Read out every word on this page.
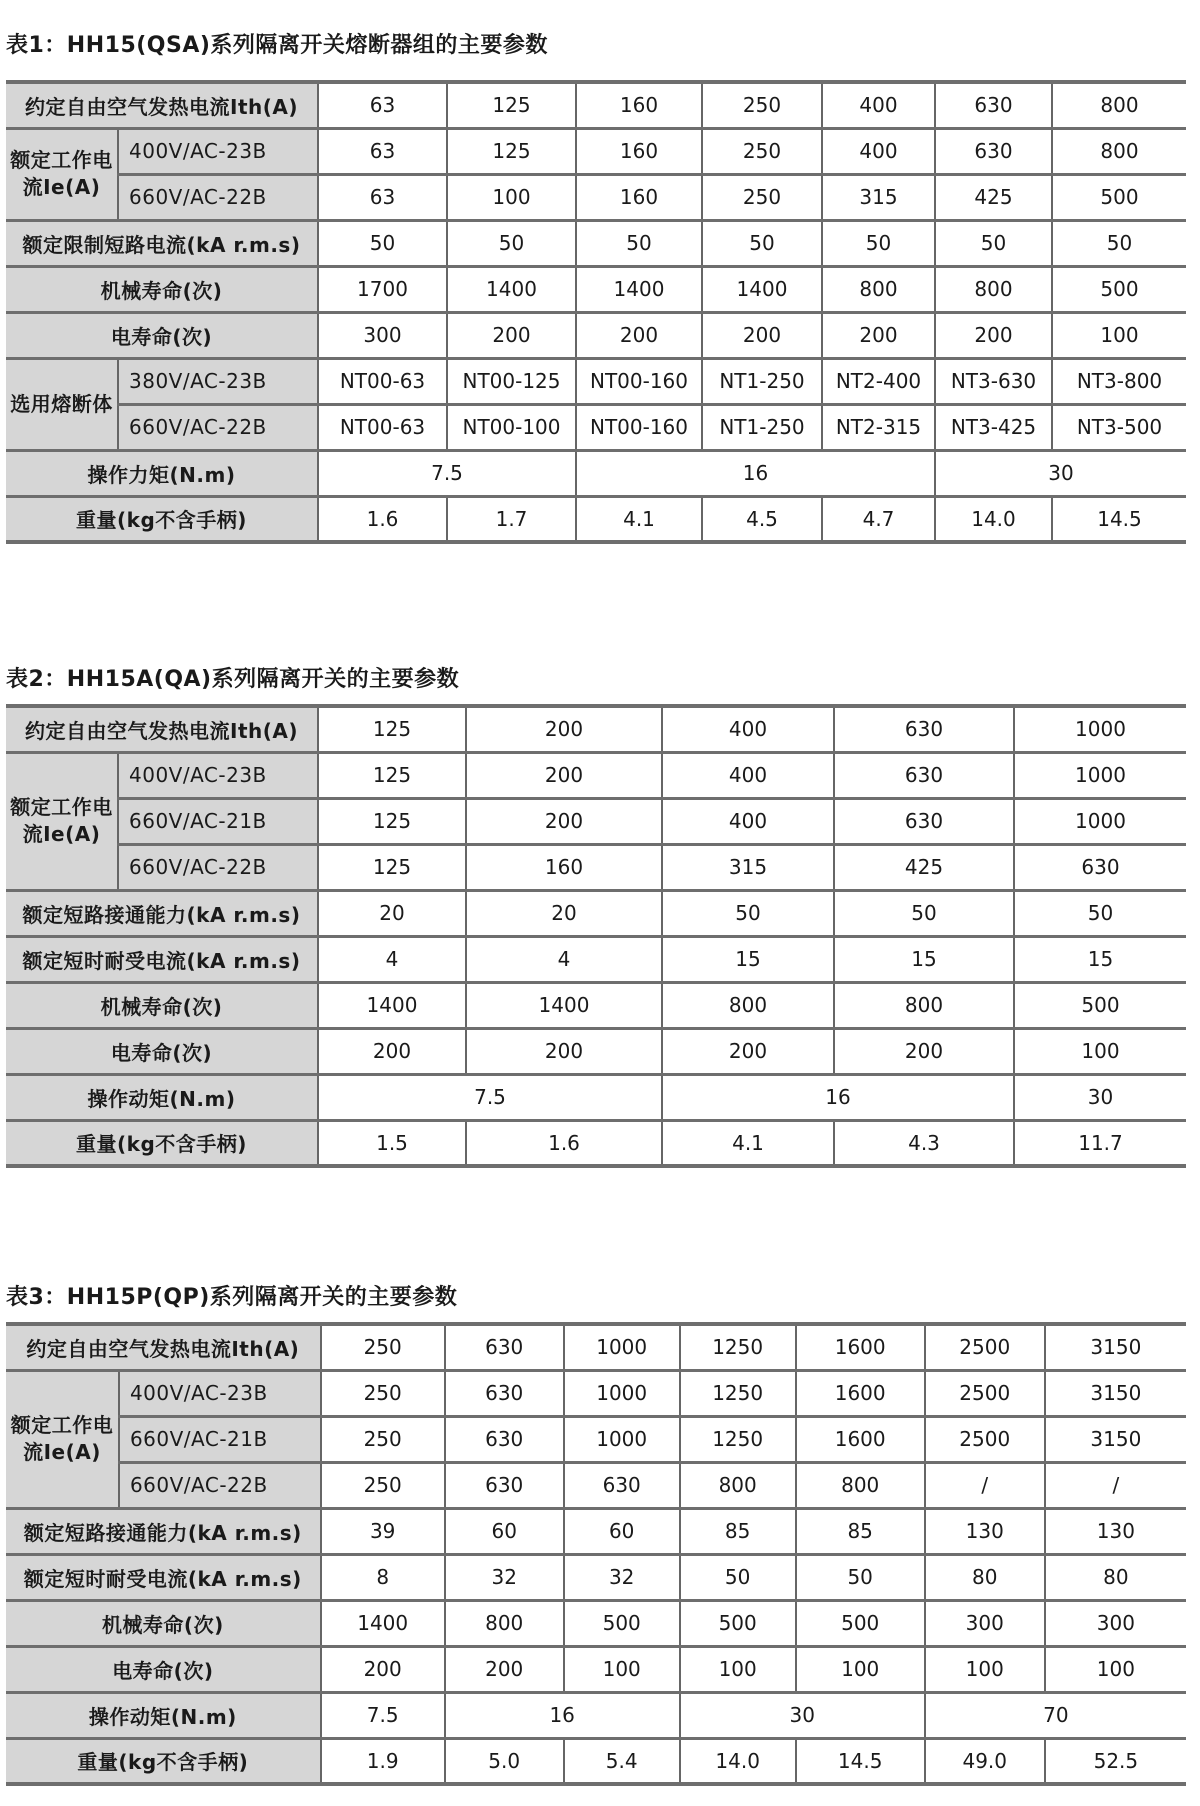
表1：HH15(QSA)系列隔离开关熔断器组的主要参数
约定自由空气发热电流Ith(A)		63	125	160	250	400	630	800
额定工作电流Ie(A)	400V/AC-23B	63	125	160	250	400	630	800
	660V/AC-22B	63	100	160	250	315	425	500
额定限制短路电流(kA r.m.s)		50	50	50	50	50	50	50
机械寿命(次)		1700	1400	1400	1400	800	800	500
电寿命(次)		300	200	200	200	200	200	100
选用熔断体	380V/AC-23B	NT00-63	NT00-125	NT00-160	NT1-250	NT2-400	NT3-630	NT3-800
	660V/AC-22B	NT00-63	NT00-100	NT00-160	NT1-250	NT2-315	NT3-425	NT3-500
操作力矩(N.m)		7.5		16			30	
重量(kg不含手柄)		1.6	1.7	4.1	4.5	4.7	14.0	14.5
表2：HH15A(QA)系列隔离开关的主要参数
约定自由空气发热电流Ith(A)		125	200	400	630	1000
额定工作电流Ie(A)	400V/AC-23B	125	200	400	630	1000
	660V/AC-21B	125	200	400	630	1000
	660V/AC-22B	125	160	315	425	630
额定短路接通能力(kA r.m.s)		20	20	50	50	50
额定短时耐受电流(kA r.m.s)		4	4	15	15	15
机械寿命(次)		1400	1400	800	800	500
电寿命(次)		200	200	200	200	100
操作动矩(N.m)		7.5		16		30
重量(kg不含手柄)		1.5	1.6	4.1	4.3	11.7
表3：HH15P(QP)系列隔离开关的主要参数
约定自由空气发热电流Ith(A)		250	630	1000	1250	1600	2500	3150
额定工作电流Ie(A)	400V/AC-23B	250	630	1000	1250	1600	2500	3150
	660V/AC-21B	250	630	1000	1250	1600	2500	3150
	660V/AC-22B	250	630	630	800	800	/	/
额定短路接通能力(kA r.m.s)		39	60	60	85	85	130	130
额定短时耐受电流(kA r.m.s)		8	32	32	50	50	80	80
机械寿命(次)		1400	800	500	500	500	300	300
电寿命(次)		200	200	100	100	100	100	100
操作动矩(N.m)		7.5	16		30		70	
重量(kg不含手柄)		1.9	5.0	5.4	14.0	14.5	49.0	52.5
